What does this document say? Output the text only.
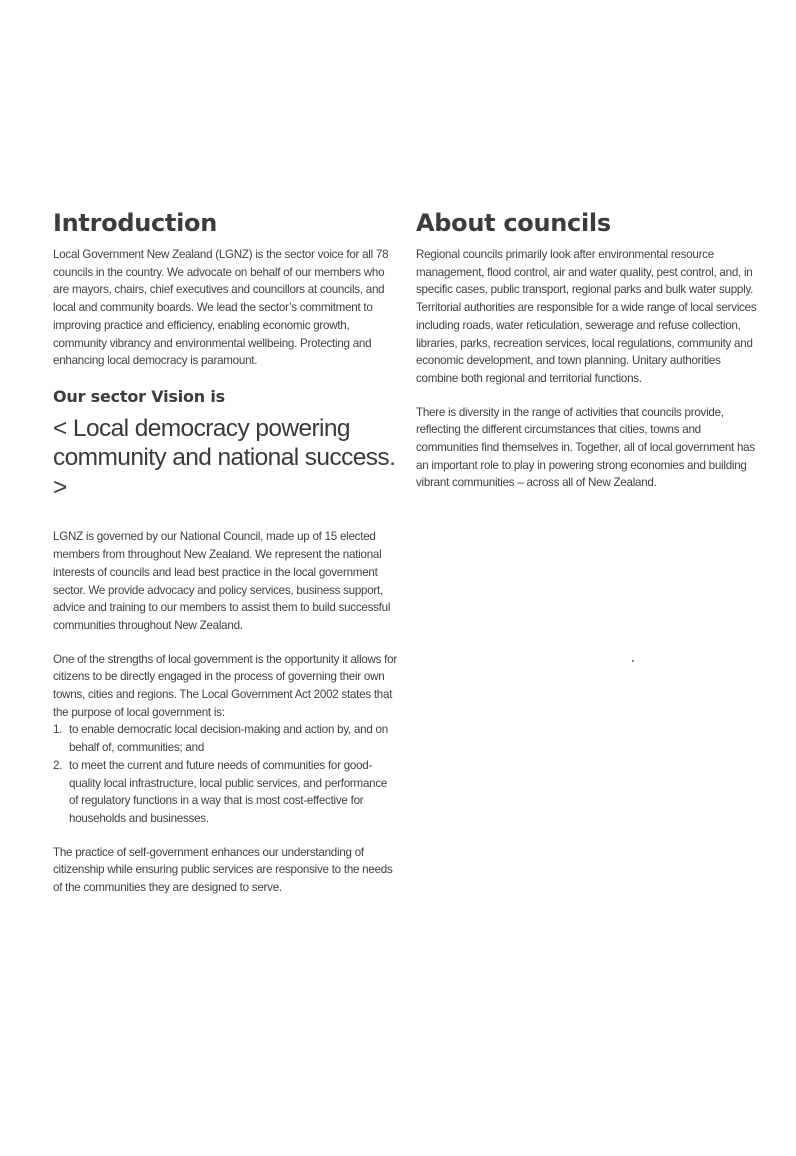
Introduction

Local Government New Zealand (LGNZ) is the sector voice for all 78 councils in the country. We advocate on behalf of our members who are mayors, chairs, chief executives and councillors at councils, and local and community boards. We lead the sector’s commitment to improving practice and efficiency, enabling economic growth, community vibrancy and environmental wellbeing. Protecting and enhancing local democracy is paramount.

Our sector Vision is
< Local democracy powering community and national success. >

LGNZ is governed by our National Council, made up of 15 elected members from throughout New Zealand. We represent the national interests of councils and lead best practice in the local government sector. We provide advocacy and policy services, business support, advice and training to our members to assist them to build successful communities throughout New Zealand.

One of the strengths of local government is the opportunity it allows for citizens to be directly engaged in the process of governing their own towns, cities and regions. The Local Government Act 2002 states that the purpose of local government is:

1. to enable democratic local decision-making and action by, and on behalf of, communities; and
2. to meet the current and future needs of communities for good-quality local infrastructure, local public services, and performance of regulatory functions in a way that is most cost-effective for households and businesses.

The practice of self-government enhances our understanding of citizenship while ensuring public services are responsive to the needs of the communities they are designed to serve.

About councils

Regional councils primarily look after environmental resource management, flood control, air and water quality, pest control, and, in specific cases, public transport, regional parks and bulk water supply. Territorial authorities are responsible for a wide range of local services including roads, water reticulation, sewerage and refuse collection, libraries, parks, recreation services, local regulations, community and economic development, and town planning. Unitary authorities combine both regional and territorial functions.

There is diversity in the range of activities that councils provide, reflecting the different circumstances that cities, towns and communities find themselves in. Together, all of local government has an important role to play in powering strong economies and building vibrant communities – across all of New Zealand.
